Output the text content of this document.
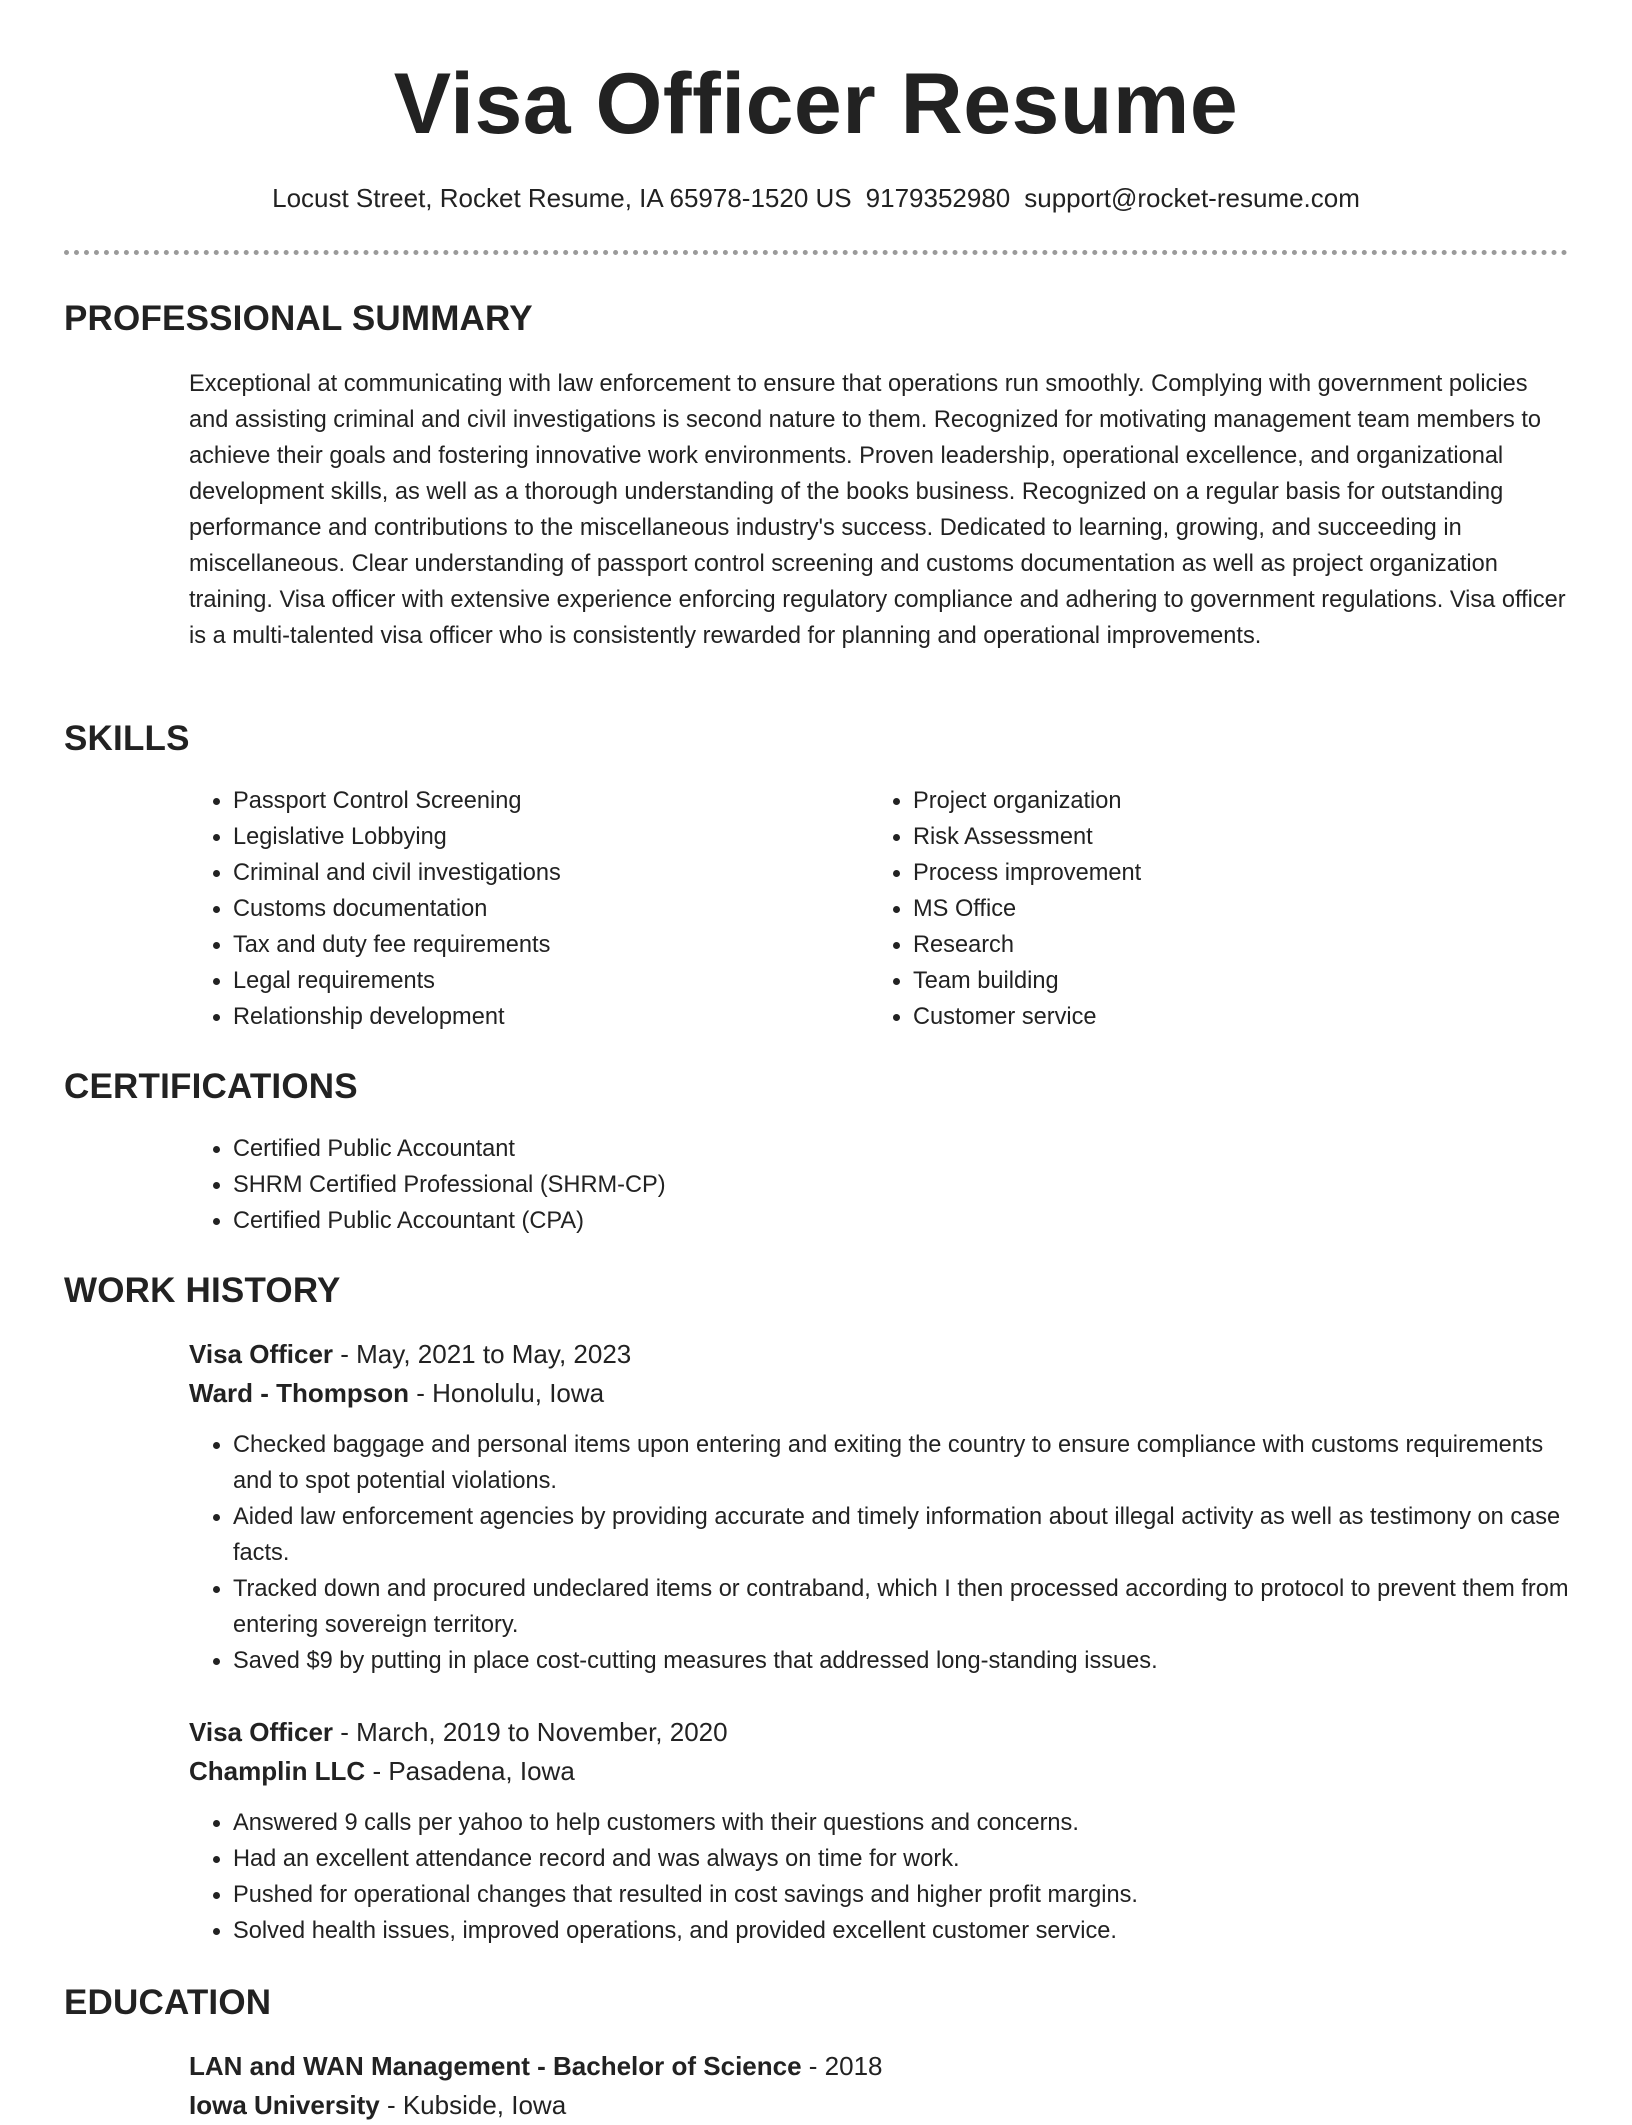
Visa Officer Resume
Locust Street, Rocket Resume, IA 65978-1520 US 9179352980 support@rocket-resume.com
PROFESSIONAL SUMMARY
Exceptional at communicating with law enforcement to ensure that operations run smoothly. Complying with government policies and assisting criminal and civil investigations is second nature to them. Recognized for motivating management team members to achieve their goals and fostering innovative work environments. Proven leadership, operational excellence, and organizational development skills, as well as a thorough understanding of the books business. Recognized on a regular basis for outstanding performance and contributions to the miscellaneous industry's success. Dedicated to learning, growing, and succeeding in miscellaneous. Clear understanding of passport control screening and customs documentation as well as project organization training. Visa officer with extensive experience enforcing regulatory compliance and adhering to government regulations. Visa officer is a multi-talented visa officer who is consistently rewarded for planning and operational improvements.
SKILLS
• Passport Control Screening
• Legislative Lobbying
• Criminal and civil investigations
• Customs documentation
• Tax and duty fee requirements
• Legal requirements
• Relationship development
• Project organization
• Risk Assessment
• Process improvement
• MS Office
• Research
• Team building
• Customer service
CERTIFICATIONS
• Certified Public Accountant
• SHRM Certified Professional (SHRM-CP)
• Certified Public Accountant (CPA)
WORK HISTORY
Visa Officer - May, 2021 to May, 2023
Ward - Thompson - Honolulu, Iowa
• Checked baggage and personal items upon entering and exiting the country to ensure compliance with customs requirements and to spot potential violations.
• Aided law enforcement agencies by providing accurate and timely information about illegal activity as well as testimony on case facts.
• Tracked down and procured undeclared items or contraband, which I then processed according to protocol to prevent them from entering sovereign territory.
• Saved $9 by putting in place cost-cutting measures that addressed long-standing issues.
Visa Officer - March, 2019 to November, 2020
Champlin LLC - Pasadena, Iowa
• Answered 9 calls per yahoo to help customers with their questions and concerns.
• Had an excellent attendance record and was always on time for work.
• Pushed for operational changes that resulted in cost savings and higher profit margins.
• Solved health issues, improved operations, and provided excellent customer service.
EDUCATION
LAN and WAN Management - Bachelor of Science - 2018
Iowa University - Kubside, Iowa
